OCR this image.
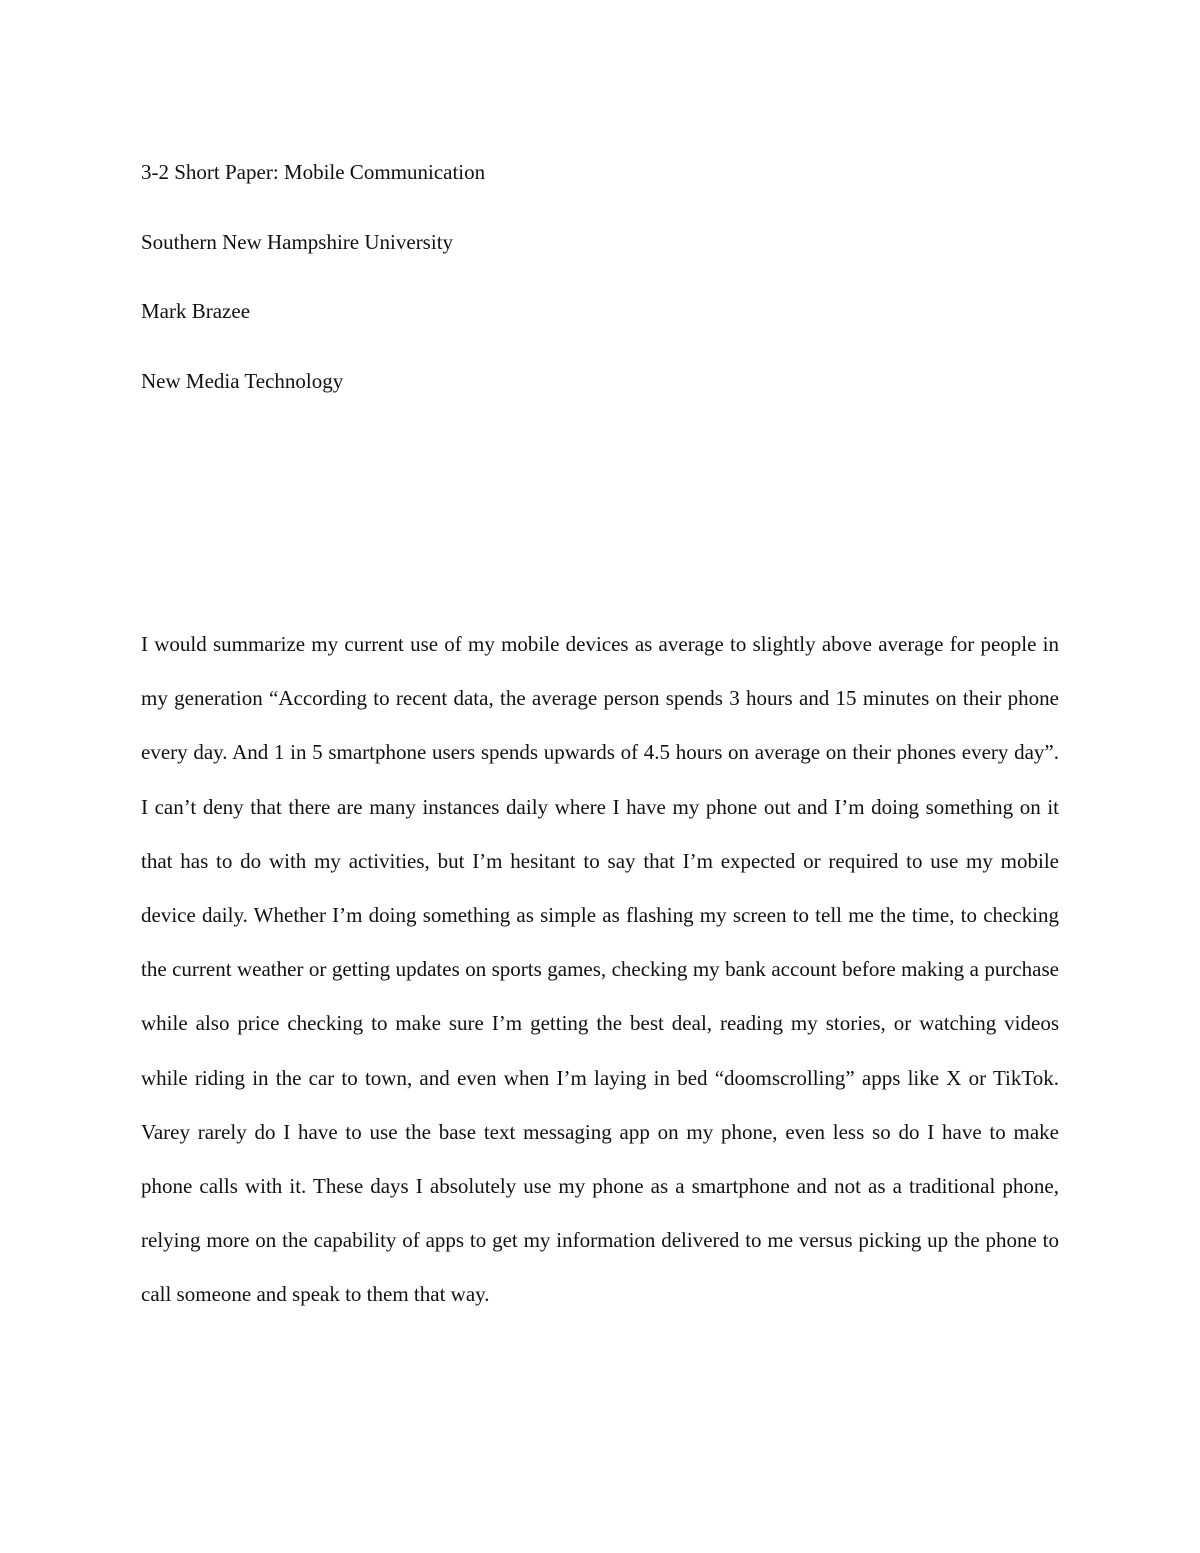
3-2 Short Paper: Mobile Communication
Southern New Hampshire University
Mark Brazee
New Media Technology

I would summarize my current use of my mobile devices as average to slightly above average for people in my generation “According to recent data, the average person spends 3 hours and 15 minutes on their phone every day. And 1 in 5 smartphone users spends upwards of 4.5 hours on average on their phones every day”. I can’t deny that there are many instances daily where I have my phone out and I’m doing something on it that has to do with my activities, but I’m hesitant to say that I’m expected or required to use my mobile device daily. Whether I’m doing something as simple as flashing my screen to tell me the time, to checking the current weather or getting updates on sports games, checking my bank account before making a purchase while also price checking to make sure I’m getting the best deal, reading my stories, or watching videos while riding in the car to town, and even when I’m laying in bed “doomscrolling” apps like X or TikTok. Varey rarely do I have to use the base text messaging app on my phone, even less so do I have to make phone calls with it. These days I absolutely use my phone as a smartphone and not as a traditional phone, relying more on the capability of apps to get my information delivered to me versus picking up the phone to call someone and speak to them that way.
